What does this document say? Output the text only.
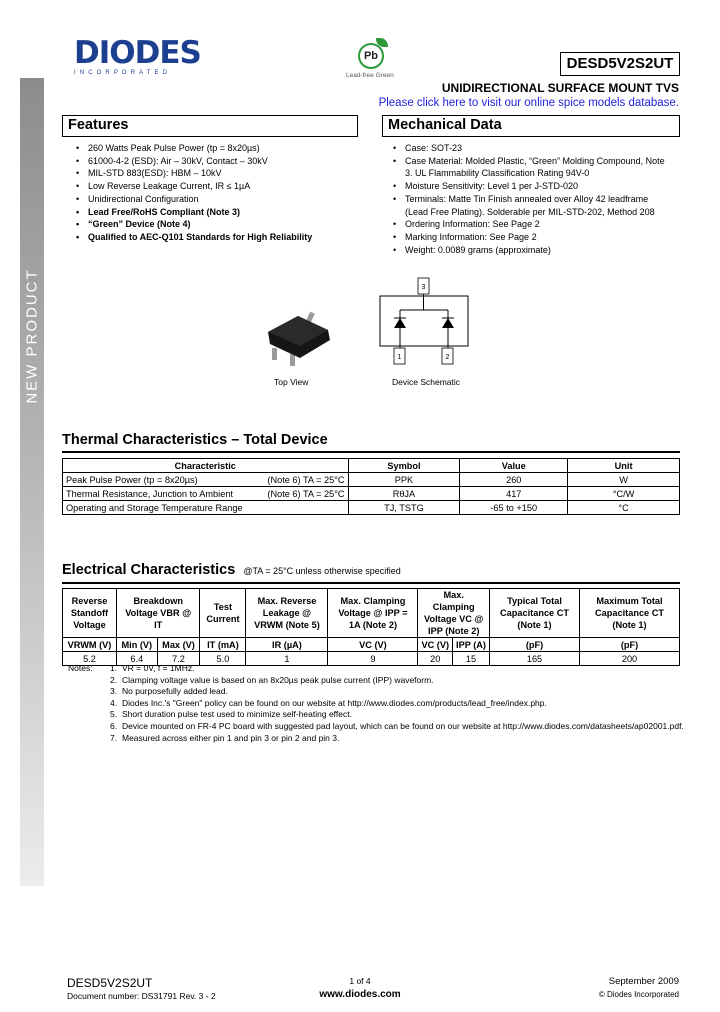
NEW PRODUCT
DIODES
INCORPORATED
Pb
Lead-free Green
DESD5V2S2UT
UNIDIRECTIONAL SURFACE MOUNT TVS
Please click here to visit our online spice models database.
Features
• 260 Watts Peak Pulse Power (tp = 8x20µs)
• 61000-4-2 (ESD): Air – 30kV, Contact – 30kV
• MIL-STD 883(ESD): HBM – 10kV
• Low Reverse Leakage Current, IR ≤ 1µA
• Unidirectional Configuration
• Lead Free/RoHS Compliant (Note 3)
• “Green” Device (Note 4)
• Qualified to AEC-Q101 Standards for High Reliability
Mechanical Data
• Case: SOT-23
• Case Material: Molded Plastic, “Green” Molding Compound, Note 3. UL Flammability Classification Rating 94V-0
• Moisture Sensitivity: Level 1 per J-STD-020
• Terminals: Matte Tin Finish annealed over Alloy 42 leadframe (Lead Free Plating). Solderable per MIL-STD-202, Method 208
• Ordering Information: See Page 2
• Marking Information: See Page 2
• Weight: 0.0089 grams (approximate)
Top View
3
1	2
Device Schematic
Thermal Characteristics – Total Device
Characteristic	Symbol	Value	Unit
Peak Pulse Power (tp = 8x20µs) (Note 6) TA = 25°C	PPK	260	W
Thermal Resistance, Junction to Ambient (Note 6) TA = 25°C	RθJA	417	°C/W
Operating and Storage Temperature Range	TJ, TSTG	-65 to +150	°C
Electrical Characteristics @TA = 25°C unless otherwise specified
Reverse Standoff Voltage	Breakdown Voltage VBR @ IT		Test Current	Max. Reverse Leakage @ VRWM (Note 5)	Max. Clamping Voltage @ IPP = 1A (Note 2)	Max. Clamping Voltage VC @ IPP (Note 2)		Typical Total Capacitance CT (Note 1)	Maximum Total Capacitance CT (Note 1)
VRWM (V)	Min (V)	Max (V)	IT (mA)	IR (µA)	VC (V)	VC (V)	IPP (A)	(pF)	(pF)
5.2	6.4	7.2	5.0	1	9	20	15	165	200
Notes: 1. VR = 0V, f = 1MHz.
2. Clamping voltage value is based on an 8x20µs peak pulse current (IPP) waveform.
3. No purposefully added lead.
4. Diodes Inc.'s "Green" policy can be found on our website at http://www.diodes.com/products/lead_free/index.php.
5. Short duration pulse test used to minimize self-heating effect.
6. Device mounted on FR-4 PC board with suggested pad layout, which can be found on our website at http://www.diodes.com/datasheets/ap02001.pdf.
7. Measured across either pin 1 and pin 3 or pin 2 and pin 3.
DESD5V2S2UT
Document number: DS31791 Rev. 3 - 2
1 of 4
www.diodes.com
September 2009
© Diodes Incorporated
